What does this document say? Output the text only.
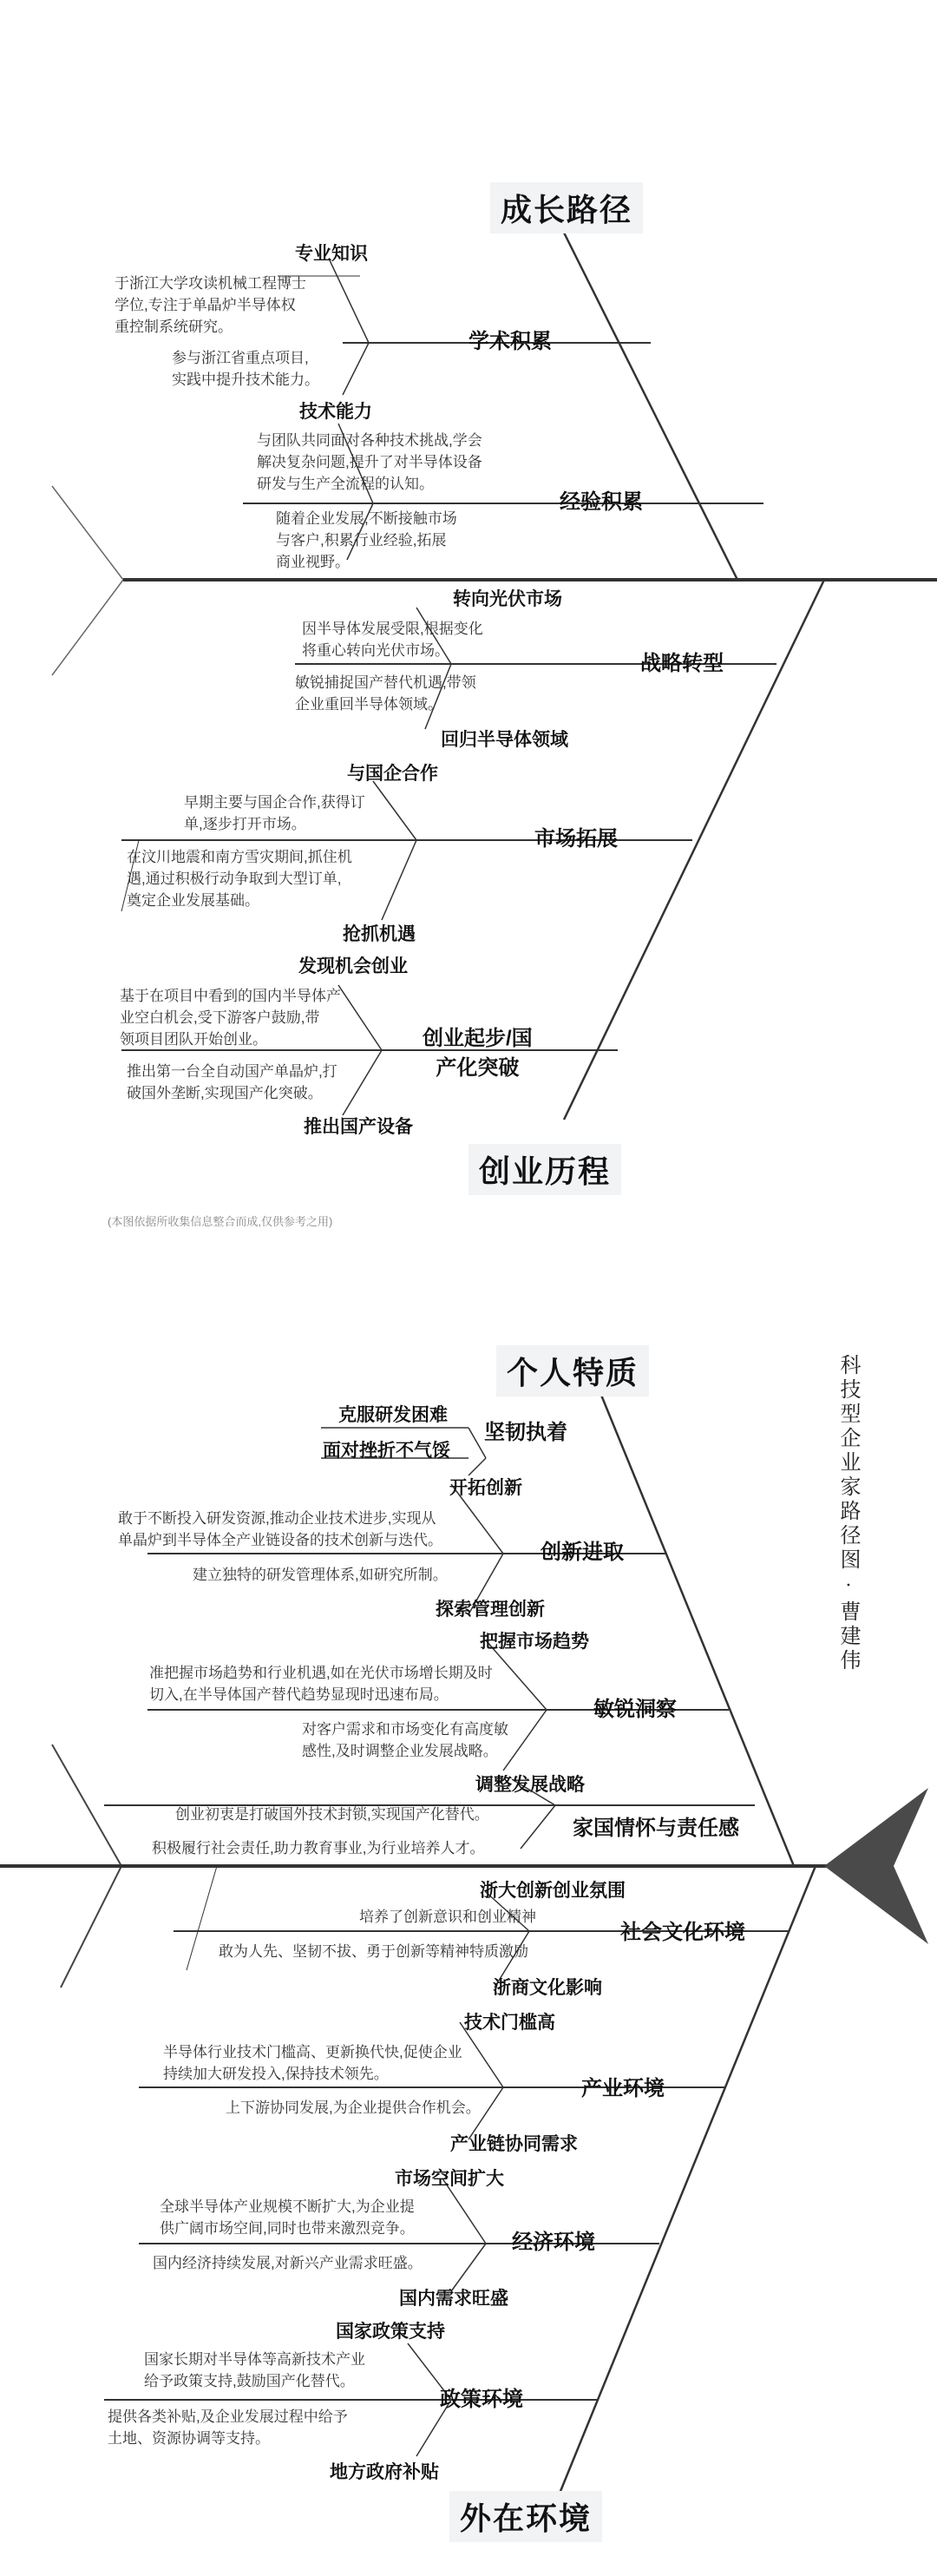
科技型企业家路径图 · 曹建伟
成长路径
专业知识
于浙江大学攻读机械工程博士
学位,专注于单晶炉半导体权
重控制系统研究。
参与浙江省重点项目,
实践中提升技术能力。
学术积累
技术能力
与团队共同面对各种技术挑战,学会
解决复杂问题,提升了对半导体设备
研发与生产全流程的认知。
随着企业发展,不断接触市场
与客户,积累行业经验,拓展
商业视野。
经验积累
转向光伏市场
因半导体发展受限,根据变化
将重心转向光伏市场。
敏锐捕捉国产替代机遇,带领
企业重回半导体领域。
回归半导体领域
战略转型
与国企合作
早期主要与国企合作,获得订
单,逐步打开市场。
在汶川地震和南方雪灾期间,抓住机
遇,通过积极行动争取到大型订单,
奠定企业发展基础。
抢抓机遇
市场拓展
发现机会创业
基于在项目中看到的国内半导体产
业空白机会,受下游客户鼓励,带
领项目团队开始创业。
推出第一台全自动国产单晶炉,打
破国外垄断,实现国产化突破。
推出国产设备
创业起步/国
产化突破
创业历程
(本图依据所收集信息整合而成,仅供参考之用)
个人特质
克服研发困难
面对挫折不气馁
坚韧执着
开拓创新
敢于不断投入研发资源,推动企业技术进步,实现从
单晶炉到半导体全产业链设备的技术创新与迭代。
建立独特的研发管理体系,如研究所制。
探索管理创新
创新进取
把握市场趋势
准把握市场趋势和行业机遇,如在光伏市场增长期及时
切入,在半导体国产替代趋势显现时迅速布局。
对客户需求和市场变化有高度敏
感性,及时调整企业发展战略。
调整发展战略
敏锐洞察
创业初衷是打破国外技术封锁,实现国产化替代。
积极履行社会责任,助力教育事业,为行业培养人才。
家国情怀与责任感
浙大创新创业氛围
培养了创新意识和创业精神
敢为人先、坚韧不拔、勇于创新等精神特质激励
浙商文化影响
社会文化环境
技术门槛高
半导体行业技术门槛高、更新换代快,促使企业
持续加大研发投入,保持技术领先。
上下游协同发展,为企业提供合作机会。
产业链协同需求
产业环境
市场空间扩大
全球半导体产业规模不断扩大,为企业提
供广阔市场空间,同时也带来激烈竞争。
国内经济持续发展,对新兴产业需求旺盛。
国内需求旺盛
经济环境
国家政策支持
国家长期对半导体等高新技术产业
给予政策支持,鼓励国产化替代。
提供各类补贴,及企业发展过程中给予
土地、资源协调等支持。
地方政府补贴
政策环境
外在环境
